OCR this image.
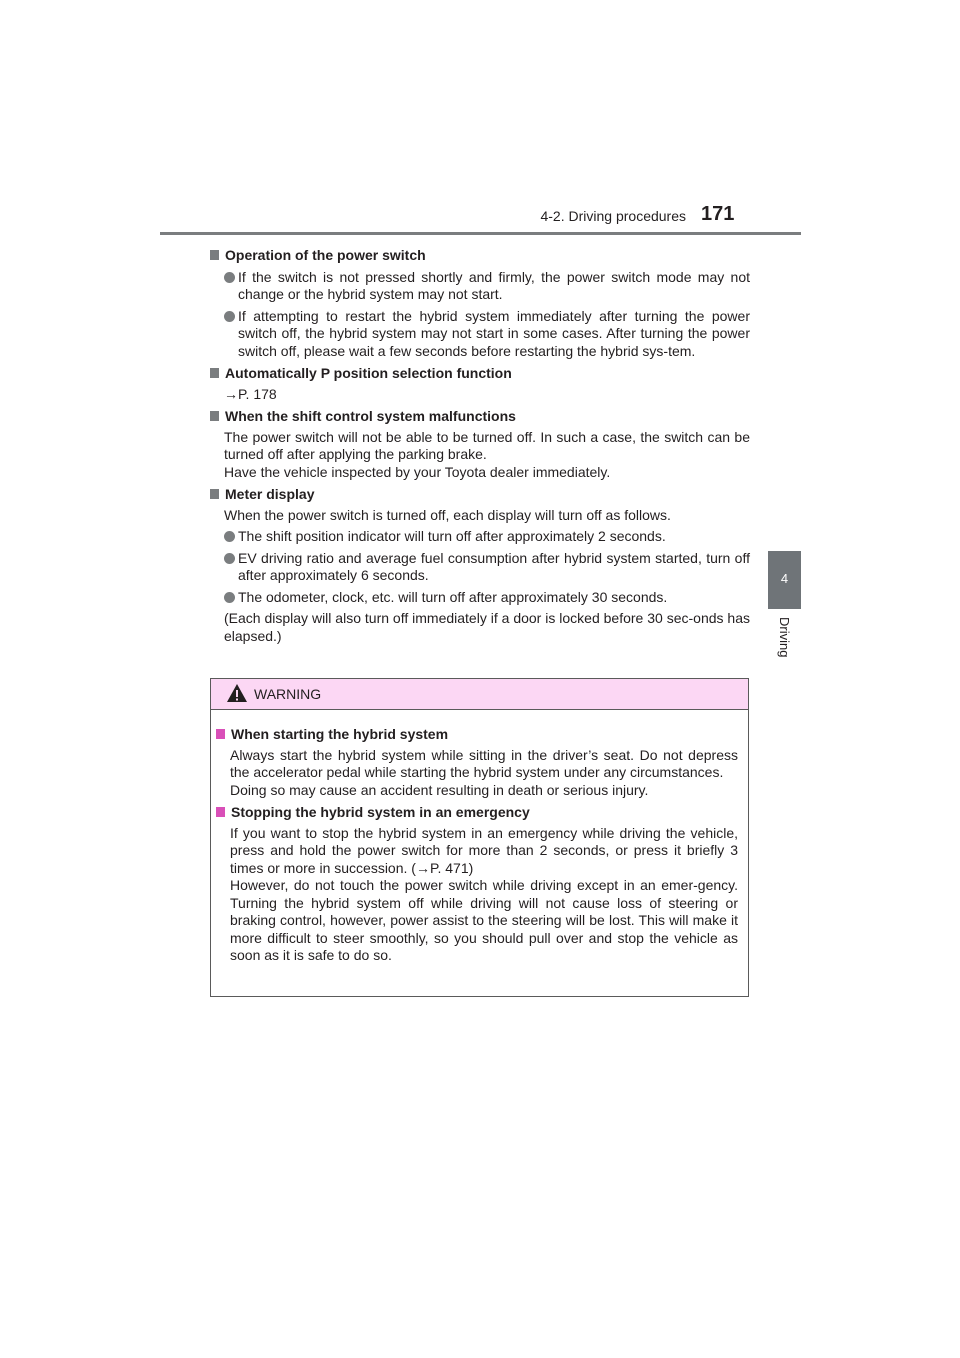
4-2. Driving procedures 171
4
Driving
Operation of the power switch
If the switch is not pressed shortly and firmly, the power switch mode may not change or the hybrid system may not start.
If attempting to restart the hybrid system immediately after turning the power switch off, the hybrid system may not start in some cases. After turning the power switch off, please wait a few seconds before restarting the hybrid sys-tem.
Automatically P position selection function
→P. 178
When the shift control system malfunctions
The power switch will not be able to be turned off. In such a case, the switch can be turned off after applying the parking brake.
Have the vehicle inspected by your Toyota dealer immediately.
Meter display
When the power switch is turned off, each display will turn off as follows.
The shift position indicator will turn off after approximately 2 seconds.
EV driving ratio and average fuel consumption after hybrid system started, turn off after approximately 6 seconds.
The odometer, clock, etc. will turn off after approximately 30 seconds.
(Each display will also turn off immediately if a door is locked before 30 sec-onds has elapsed.)
WARNING
When starting the hybrid system
Always start the hybrid system while sitting in the driver’s seat. Do not depress the accelerator pedal while starting the hybrid system under any circumstances.
Doing so may cause an accident resulting in death or serious injury.
Stopping the hybrid system in an emergency
If you want to stop the hybrid system in an emergency while driving the vehicle, press and hold the power switch for more than 2 seconds, or press it briefly 3 times or more in succession. (→P. 471)
However, do not touch the power switch while driving except in an emer-gency. Turning the hybrid system off while driving will not cause loss of steering or braking control, however, power assist to the steering will be lost. This will make it more difficult to steer smoothly, so you should pull over and stop the vehicle as soon as it is safe to do so.
